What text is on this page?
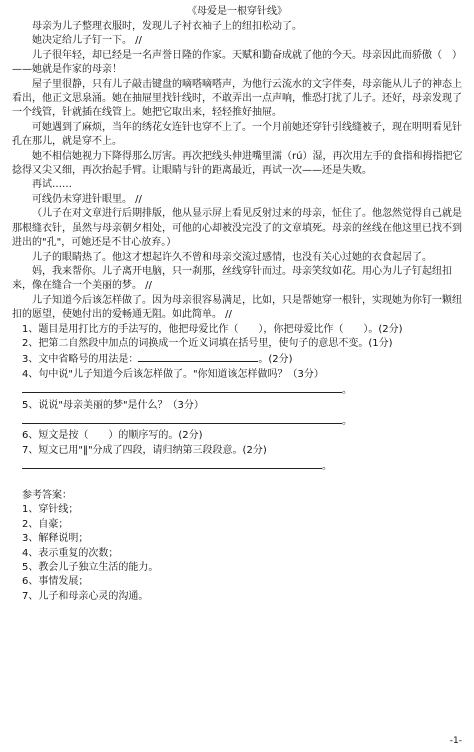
《母爱是一根穿针线》

母亲为儿子整理衣服时，发现儿子衬衣袖子上的纽扣松动了。

她决定给儿子钉一下。 //

儿子很年轻，却已经是一名声誉日隆的作家。天赋和勤奋成就了他的今天。母亲因此而骄傲（　）——她就是作家的母亲！

屋子里很静，只有儿子敲击键盘的嘀嗒嘀嗒声，为他行云流水的文字伴奏，母亲能从儿子的神态上看出，他正文思泉涌。她在抽屉里找针线时，不敢弄出一点声响，惟恐打扰了儿子。还好，母亲发现了一个线管，针就插在线管上。她把它取出来，轻轻推好抽屉。

可她遇到了麻烦，当年的绣花女连针也穿不上了。一个月前她还穿针引线缝被子，现在明明看见针孔在那儿，就是穿不上。

她不相信她视力下降得那么厉害。再次把线头伸进嘴里濡（rú）湿，再次用左手的食指和拇指把它捻得又尖又细，再次抬起手臂。让眼睛与针的距离最近，再试一次——还是失败。

再试……

可线仍未穿进针眼里。 //

（儿子在对文章进行后期排版，他从显示屏上看见反射过来的母亲，怔住了。他忽然觉得自己就是那根缝衣针，虽然与母亲朝夕相处，可他的心却被没完没了的文章填死。母亲的丝线在他这里已找不到进出的"孔"，可她还是不甘心放弃。）

儿子的眼睛热了。他这才想起许久不曾和母亲交流过感情，也没有关心过她的衣食起居了。

妈，我来帮你。儿子离开电脑，只一刹那，丝线穿针而过。母亲笑纹如花。用心为儿子钉起纽扣来，像在缝合一个美丽的梦。 //

儿子知道今后该怎样做了。因为母亲很容易满足，比如，只是帮她穿一根针，实现她为你钉一颗纽扣的愿望，使她付出的爱畅通无阻。如此简单。 //

1、题目是用打比方的手法写的，他把母爱比作（　　），你把母爱比作（　　）。(2分)

2、把第二自然段中加点的词换成一个近义词填在括号里，使句子的意思不变。(1分)

3、文中省略号的用法是：	。(2分)

4、句中说"儿子知道今后该怎样做了。"你知道该怎样做吗？（3分）

。

5、说说"母亲美丽的梦"是什么？（3分）

。

6、短文是按（　　）的顺序写的。(2分)

7、短文已用"‖"分成了四段，请归纳第三段段意。(2分)

。

参考答案：

1、穿针线；

2、自豪；

3、解释说明；

4、表示重复的次数；

5、教会儿子独立生活的能力。

6、事情发展；

7、儿子和母亲心灵的沟通。

-1-
